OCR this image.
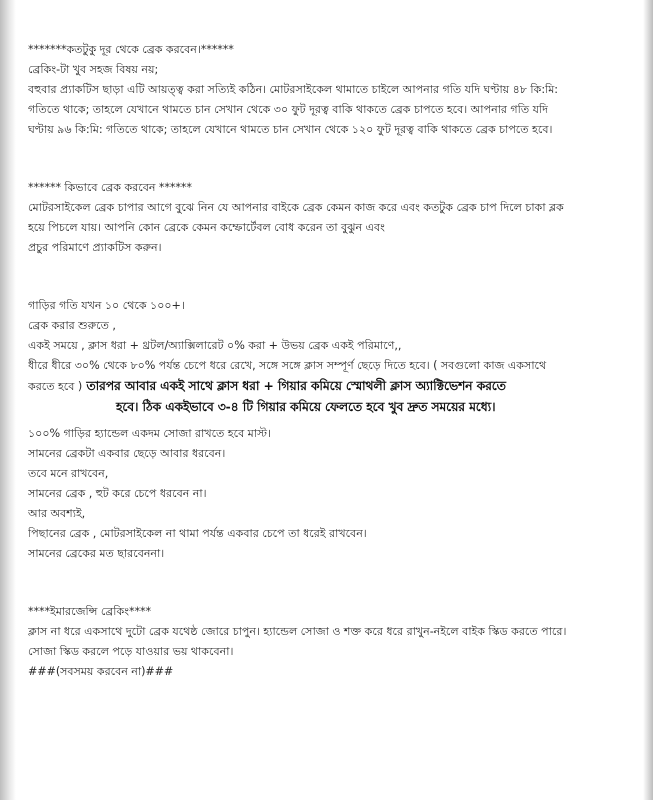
*******কতটুকু দূর থেকে ব্রেক করবেন।******
ব্রেকিং-টা খুব সহজ বিষয় নয়;
বহুবার প্র্যাকটিস ছাড়া এটি আয়ত্ত্ব করা সত্যিই কঠিন। মোটরসাইকেল থামাতে চাইলে আপনার গতি যদি ঘণ্টায় ৪৮ কি:মি:
গতিতে থাকে; তাহলে যেখানে থামতে চান সেখান থেকে ৩০ ফুট দূরত্ব বাকি থাকতে ব্রেক চাপতে হবে। আপনার গতি যদি
ঘণ্টায় ৯৬ কি:মি: গতিতে থাকে; তাহলে যেখানে থামতে চান সেখান থেকে ১২০ ফুট দূরত্ব বাকি থাকতে ব্রেক চাপতে হবে।
****** কিভাবে ব্রেক করবেন ******
মোটরসাইকেল ব্রেক চাপার আগে বুঝে নিন যে আপনার বাইকে ব্রেক কেমন কাজ করে এবং কতটুক ব্রেক চাপ দিলে চাকা ব্লক
হয়ে পিচলে যায়। আপনি কোন ব্রেকে কেমন কম্ফোর্টেবল বোধ করেন তা বুঝুন এবং
প্রচুর পরিমাণে প্র্যাকটিস করুন।
গাড়ির গতি যখন ১০ থেকে ১০০+।
ব্রেক করার শুরুতে ,
একই সময়ে , ক্লাস ধরা + থ্রটল/অ্যাক্সিলারেট ০% করা + উভয় ব্রেক একই পরিমাণে,,
ধীরে ধীরে ৩০% থেকে ৮০% পর্যন্ত চেপে ধরে রেখে, সঙ্গে সঙ্গে ক্লাস সম্পূর্ণ ছেড়ে দিতে হবে। ( সবগুলো কাজ একসাথে
করতে হবে ) তারপর আবার একই সাথে ক্লাস ধরা + গিয়ার কমিয়ে স্মোথলী ক্লাস অ্যাক্টিভেশন করতে
হবে। ঠিক একইভাবে ৩-৪ টি গিয়ার কমিয়ে ফেলতে হবে খুব দ্রুত সময়ের মধ্যে।
১০০% গাড়ির হ্যান্ডেল একদম সোজা রাখতে হবে মাস্ট।
সামনের ব্রেকটা একবার ছেড়ে আবার ধরবেন।
তবে মনে রাখবেন,
সামনের ব্রেক , হুট করে চেপে ধরবেন না।
আর অবশ্যই,
পিছানের ব্রেক , মোটরসাইকেল না থামা পর্যন্ত একবার চেপে তা ধরেই রাখবেন।
সামনের ব্রেকের মত ছারবেননা।
****ইমারজেন্সি ব্রেকিং****
ক্লাস না ধরে একসাথে দুটো ব্রেক যথেষ্ঠ জোরে চাপুন। হ্যান্ডেল সোজা ও শক্ত করে ধরে রাখুন-নইলে বাইক স্কিড করতে পারে।
সোজা স্কিড করলে পড়ে যাওয়ার ভয় থাকবেনা।
###(সবসময় করবেন না)###
